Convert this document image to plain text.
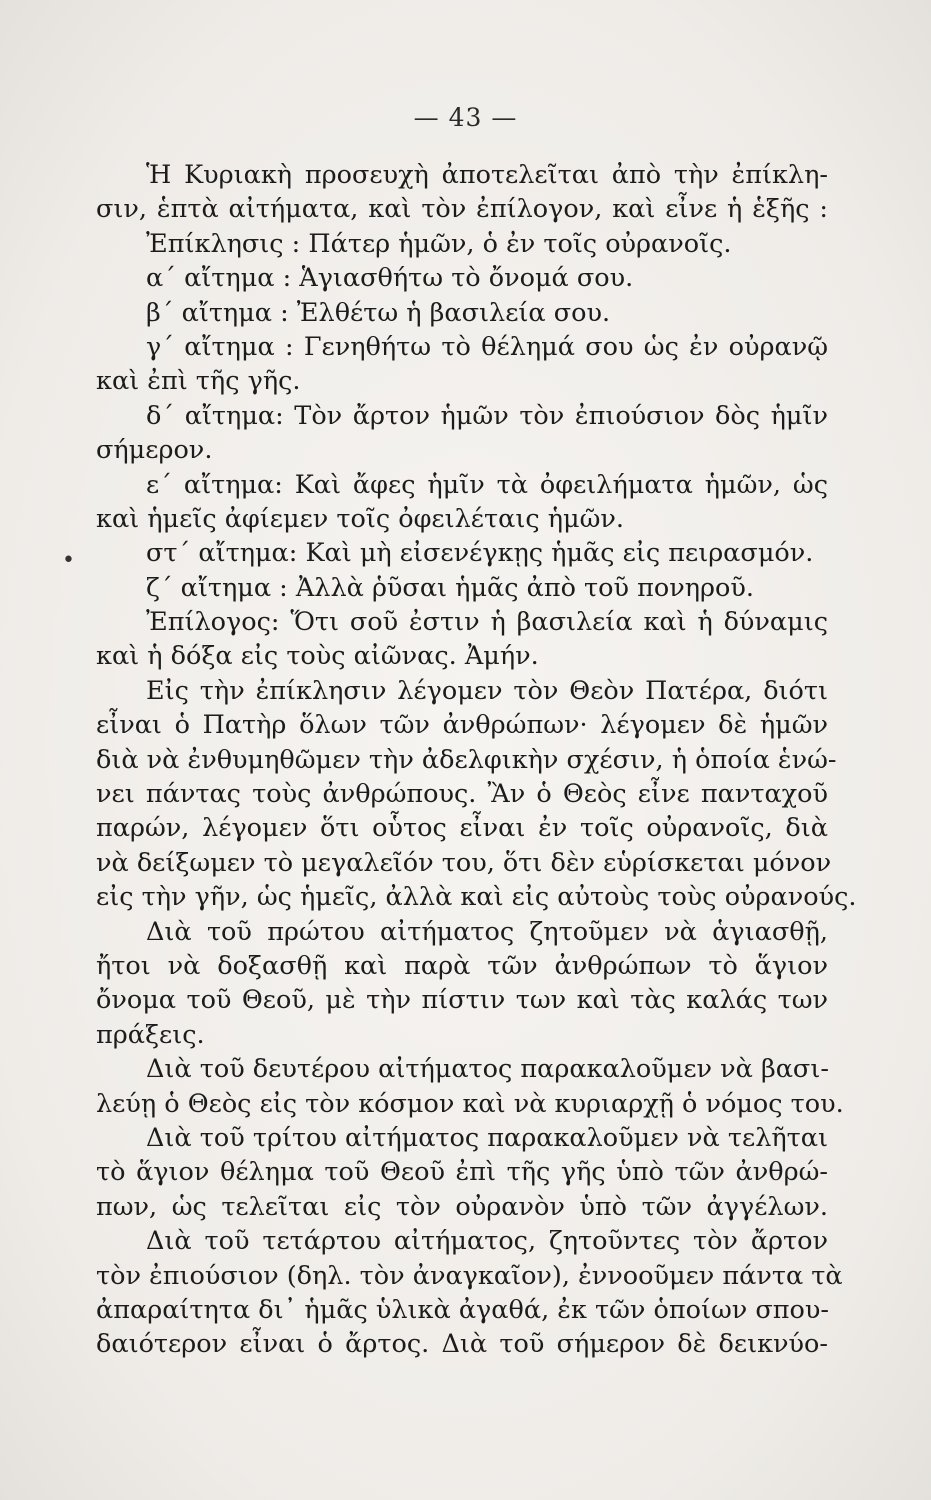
— 43 —
•
Ἡ Κυριακὴ προσευχὴ ἀποτελεῖται ἀπὸ τὴν ἐπίκλη-
σιν, ἑπτὰ αἰτήματα, καὶ τὸν ἐπίλογον, καὶ εἶνε ἡ ἑξῆς :
Ἐπίκλησις : Πάτερ ἡμῶν, ὁ ἐν τοῖς οὐρανοῖς.
α΄ αἴτημα : Ἁγιασθήτω τὸ ὄνομά σου.
β΄ αἴτημα : Ἐλθέτω ἡ βασιλεία σου.
γ΄ αἴτημα : Γενηθήτω τὸ θέλημά σου ὡς ἐν οὐρανῷ
καὶ ἐπὶ τῆς γῆς.
δ΄ αἴτημα: Τὸν ἄρτον ἡμῶν τὸν ἐπιούσιον δὸς ἡμῖν
σήμερον.
ε΄ αἴτημα: Καὶ ἄφες ἡμῖν τὰ ὀφειλήματα ἡμῶν, ὡς
καὶ ἡμεῖς ἀφίεμεν τοῖς ὀφειλέταις ἡμῶν.
στ΄ αἴτημα: Καὶ μὴ εἰσενέγκῃς ἡμᾶς εἰς πειρασμόν.
ζ΄ αἴτημα : Ἀλλὰ ῥῦσαι ἡμᾶς ἀπὸ τοῦ πονηροῦ.
Ἐπίλογος: Ὅτι σοῦ ἐστιν ἡ βασιλεία καὶ ἡ δύναμις
καὶ ἡ δόξα εἰς τοὺς αἰῶνας. Ἀμήν.
Εἰς τὴν ἐπίκλησιν λέγομεν τὸν Θεὸν Πατέρα, διότι
εἶναι ὁ Πατὴρ ὅλων τῶν ἀνθρώπων· λέγομεν δὲ ἡμῶν
διὰ νὰ ἐνθυμηθῶμεν τὴν ἀδελφικὴν σχέσιν, ἡ ὁποία ἑνώ-
νει πάντας τοὺς ἀνθρώπους. Ἂν ὁ Θεὸς εἶνε πανταχοῦ
παρών, λέγομεν ὅτι οὗτος εἶναι ἐν τοῖς οὐρανοῖς, διὰ
νὰ δείξωμεν τὸ μεγαλεῖόν του, ὅτι δὲν εὑρίσκεται μόνον
εἰς τὴν γῆν, ὡς ἡμεῖς, ἀλλὰ καὶ εἰς αὐτοὺς τοὺς οὐρανούς.
Διὰ τοῦ πρώτου αἰτήματος ζητοῦμεν νὰ ἁγιασθῇ,
ἤτοι νὰ δοξασθῇ καὶ παρὰ τῶν ἀνθρώπων τὸ ἅγιον
ὄνομα τοῦ Θεοῦ, μὲ τὴν πίστιν των καὶ τὰς καλάς των
πράξεις.
Διὰ τοῦ δευτέρου αἰτήματος παρακαλοῦμεν νὰ βασι-
λεύῃ ὁ Θεὸς εἰς τὸν κόσμον καὶ νὰ κυριαρχῇ ὁ νόμος του.
Διὰ τοῦ τρίτου αἰτήματος παρακαλοῦμεν νὰ τελῆται
τὸ ἅγιον θέλημα τοῦ Θεοῦ ἐπὶ τῆς γῆς ὑπὸ τῶν ἀνθρώ-
πων, ὡς τελεῖται εἰς τὸν οὐρανὸν ὑπὸ τῶν ἀγγέλων.
Διὰ τοῦ τετάρτου αἰτήματος, ζητοῦντες τὸν ἄρτον
τὸν ἐπιούσιον (δηλ. τὸν ἀναγκαῖον), ἐννοοῦμεν πάντα τὰ
ἀπαραίτητα δι᾿ ἡμᾶς ὑλικὰ ἀγαθά, ἐκ τῶν ὁποίων σπου-
δαιότερον εἶναι ὁ ἄρτος. Διὰ τοῦ σήμερον δὲ δεικνύο-
